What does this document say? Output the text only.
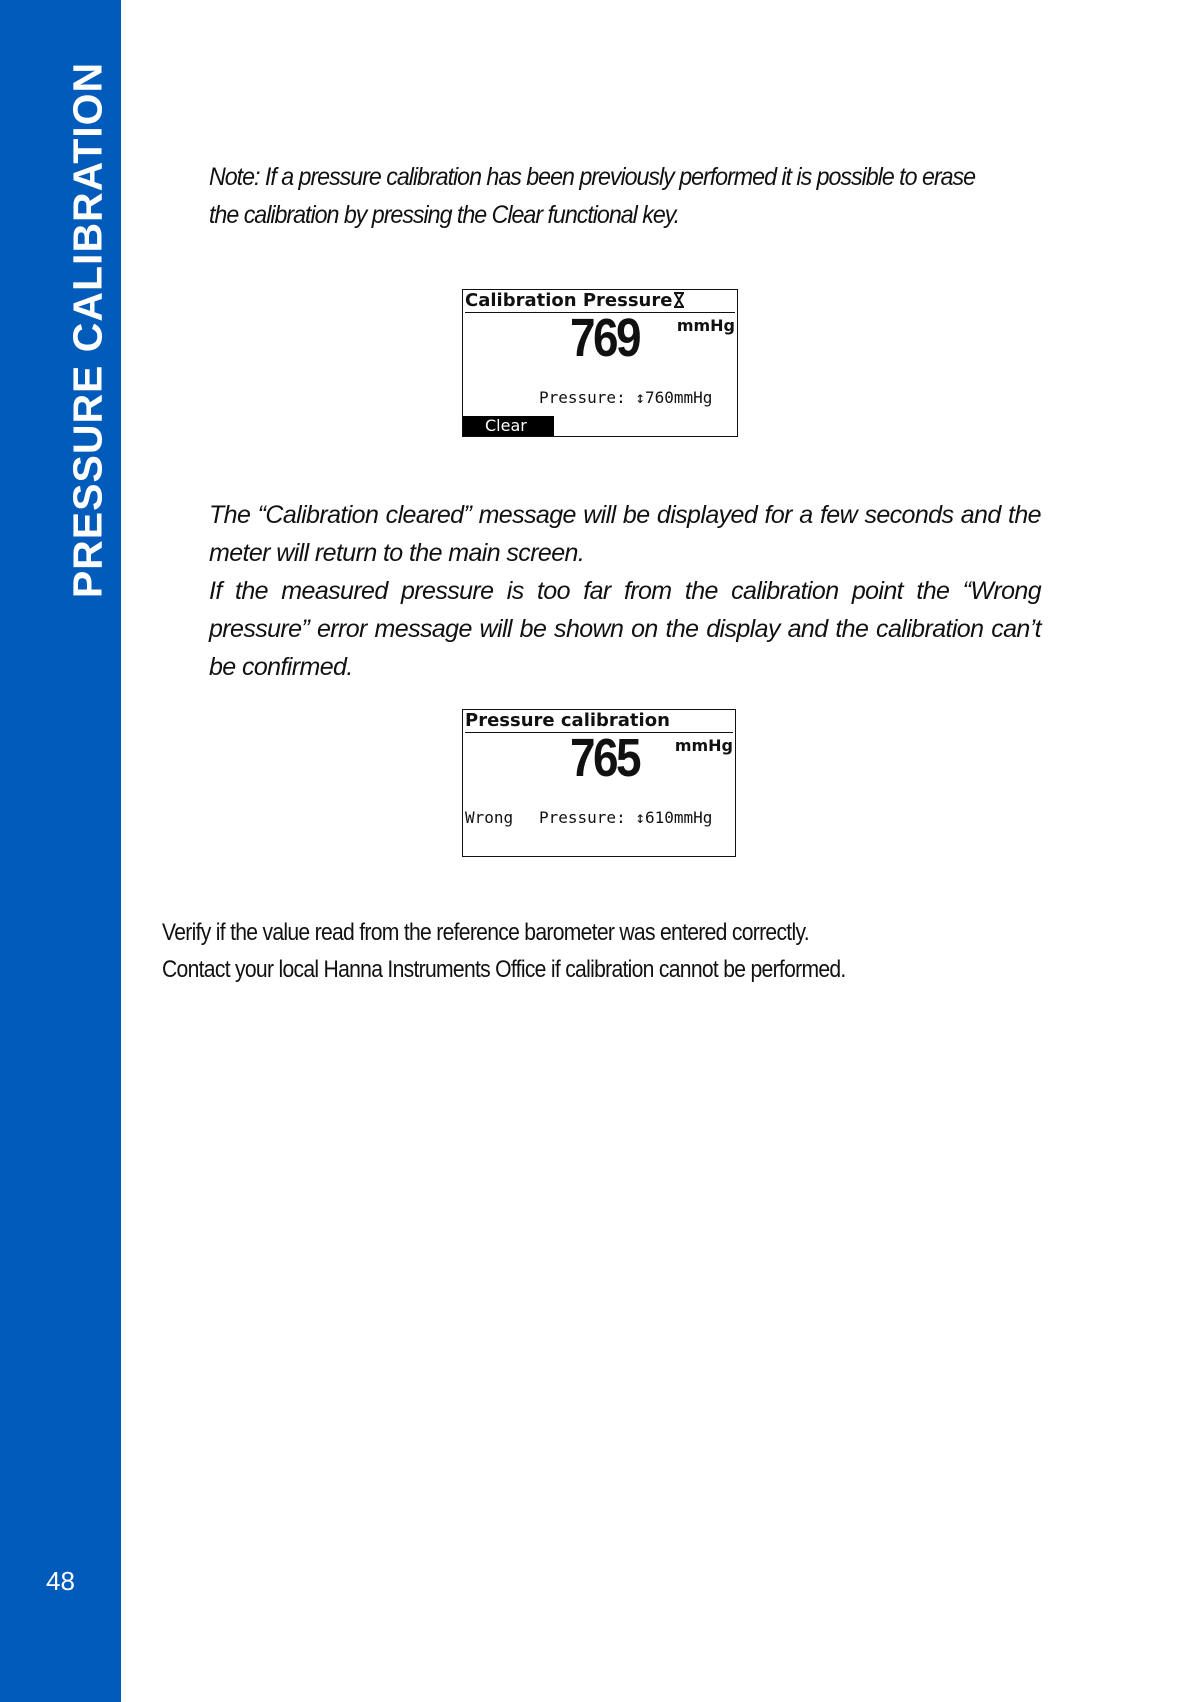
PRESSURE CALIBRATION
48
Note: If a pressure calibration has been previously performed it is possible to erase the calibration by pressing the Clear functional key.
Calibration Pressure
769 mmHg
Pressure: ↕760mmHg
Clear
The “Calibration cleared” message will be displayed for a few seconds and the meter will return to the main screen.
If the measured pressure is too far from the calibration point the “Wrong pressure” error message will be shown on the display and the calibration can’t be confirmed.
Pressure calibration
765 mmHg
Wrong Pressure: ↕610mmHg
Verify if the value read from the reference barometer was entered correctly.
Contact your local Hanna Instruments Office if calibration cannot be performed.
